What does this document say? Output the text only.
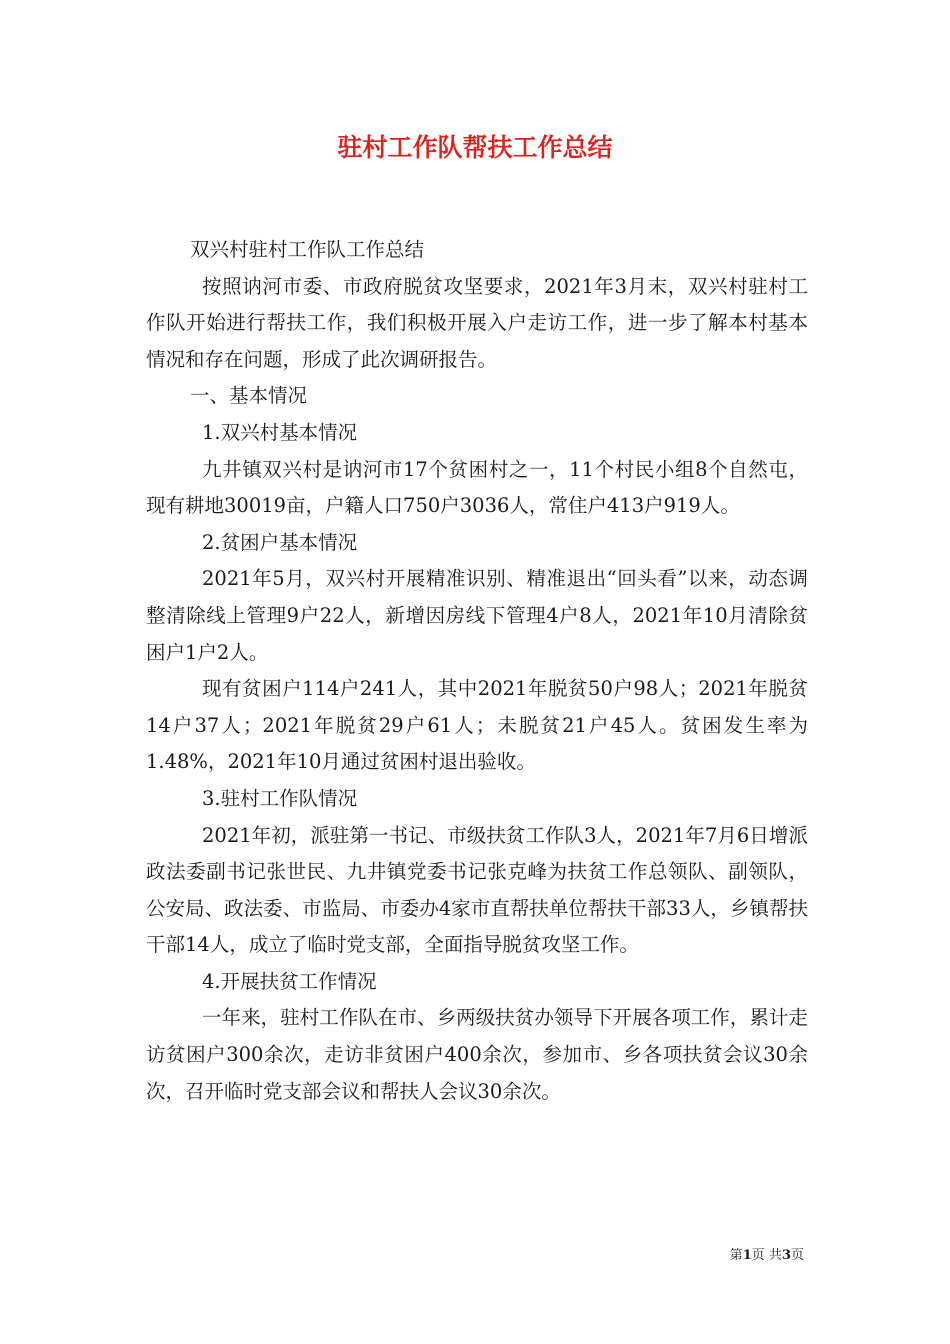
驻村工作队帮扶工作总结

双兴村驻村工作队工作总结

按照讷河市委、市政府脱贫攻坚要求，2021年3月末，双兴村驻村工作队开始进行帮扶工作，我们积极开展入户走访工作，进一步了解本村基本情况和存在问题，形成了此次调研报告。

一、基本情况

1.双兴村基本情况

九井镇双兴村是讷河市17个贫困村之一，11个村民小组8个自然屯，现有耕地30019亩，户籍人口750户3036人，常住户413户919人。

2.贫困户基本情况

2021年5月，双兴村开展精准识别、精准退出“回头看”以来，动态调整清除线上管理9户22人，新增因房线下管理4户8人，2021年10月清除贫困户1户2人。

现有贫困户114户241人，其中2021年脱贫50户98人；2021年脱贫14户37人；2021年脱贫29户61人；未脱贫21户45人。贫困发生率为1.48%，2021年10月通过贫困村退出验收。

3.驻村工作队情况

2021年初，派驻第一书记、市级扶贫工作队3人，2021年7月6日增派政法委副书记张世民、九井镇党委书记张克峰为扶贫工作总领队、副领队，公安局、政法委、市监局、市委办4家市直帮扶单位帮扶干部33人，乡镇帮扶干部14人，成立了临时党支部，全面指导脱贫攻坚工作。

4.开展扶贫工作情况

一年来，驻村工作队在市、乡两级扶贫办领导下开展各项工作，累计走访贫困户300余次，走访非贫困户400余次，参加市、乡各项扶贫会议30余次，召开临时党支部会议和帮扶人会议30余次。

第1页 共3页
